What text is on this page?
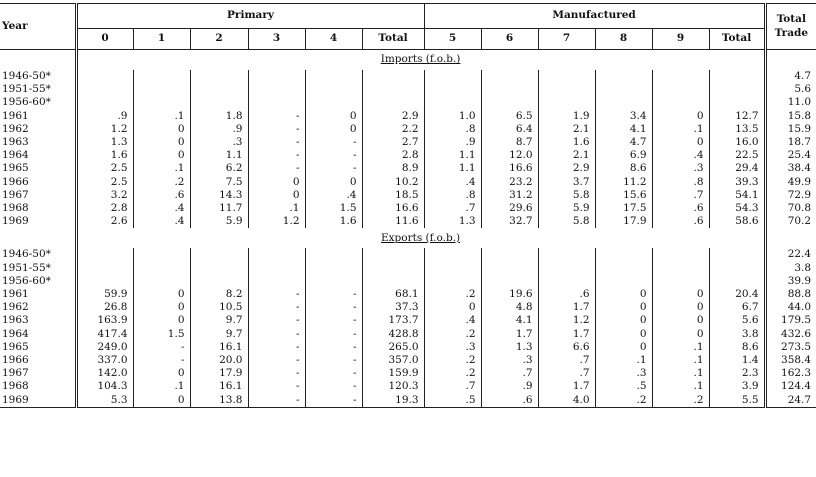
Year	Primary						Manufactured						Total
Trade
	0	1	2	3	4	Total	5	6	7	8	9	Total	
	Imports (f.o.b.)												
1946-50*													4.7
1951-55*													5.6
1956-60*													11.0
1961	.9	.1	1.8	-	0	2.9	1.0	6.5	1.9	3.4	0	12.7	15.8
1962	1.2	0	.9	-	0	2.2	.8	6.4	2.1	4.1	.1	13.5	15.9
1963	1.3	0	.3	-	-	2.7	.9	8.7	1.6	4.7	0	16.0	18.7
1964	1.6	0	1.1	-	-	2.8	1.1	12.0	2.1	6.9	.4	22.5	25.4
1965	2.5	.1	6.2	-	-	8.9	1.1	16.6	2.9	8.6	.3	29.4	38.4
1966	2.5	.2	7.5	0	0	10.2	.4	23.2	3.7	11.2	.8	39.3	49.9
1967	3.2	.6	14.3	0	.4	18.5	.8	31.2	5.8	15.6	.7	54.1	72.9
1968	2.8	.4	11.7	.1	1.5	16.6	.7	29.6	5.9	17.5	.6	54.3	70.8
1969	2.6	.4	5.9	1.2	1.6	11.6	1.3	32.7	5.8	17.9	.6	58.6	70.2
	Exports (f.o.b.)												
1946-50*													22.4
1951-55*													3.8
1956-60*													39.9
1961	59.9	0	8.2	-	-	68.1	.2	19.6	.6	0	0	20.4	88.8
1962	26.8	0	10.5	-	-	37.3	0	4.8	1.7	0	0	6.7	44.0
1963	163.9	0	9.7	-	-	173.7	.4	4.1	1.2	0	0	5.6	179.5
1964	417.4	1.5	9.7	-	-	428.8	.2	1.7	1.7	0	0	3.8	432.6
1965	249.0	-	16.1	-	-	265.0	.3	1.3	6.6	0	.1	8.6	273.5
1966	337.0	-	20.0	-	-	357.0	.2	.3	.7	.1	.1	1.4	358.4
1967	142.0	0	17.9	-	-	159.9	.2	.7	.7	.3	.1	2.3	162.3
1968	104.3	.1	16.1	-	-	120.3	.7	.9	1.7	.5	.1	3.9	124.4
1969	5.3	0	13.8	-	-	19.3	.5	.6	4.0	.2	.2	5.5	24.7
